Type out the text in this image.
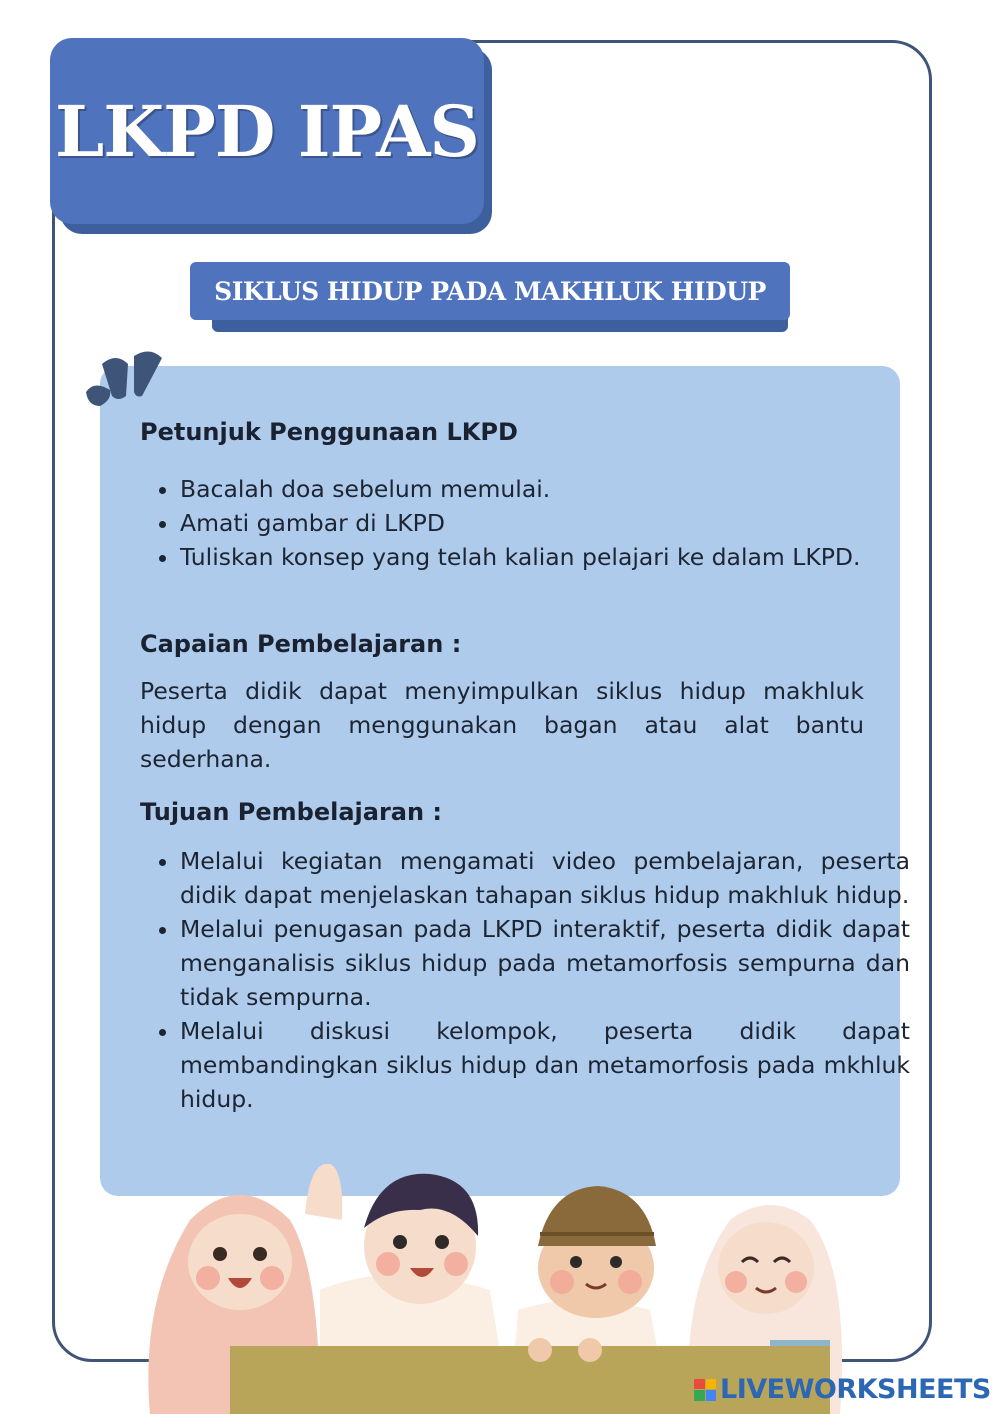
LKPD IPAS
SIKLUS HIDUP PADA MAKHLUK HIDUP
Petunjuk Penggunaan LKPD
• Bacalah doa sebelum memulai.
• Amati gambar di LKPD
• Tuliskan konsep yang telah kalian pelajari ke dalam LKPD.
Capaian Pembelajaran :

Peserta didik dapat menyimpulkan siklus hidup makhluk hidup dengan menggunakan bagan atau alat bantu sederhana.

Tujuan Pembelajaran :
• Melalui kegiatan mengamati video pembelajaran, peserta didik dapat menjelaskan tahapan siklus hidup makhluk hidup.
• Melalui penugasan pada LKPD interaktif, peserta didik dapat menganalisis siklus hidup pada metamorfosis sempurna dan tidak sempurna.
• Melalui diskusi kelompok, peserta didik dapat membandingkan siklus hidup dan metamorfosis pada mkhluk hidup.
LIVEWORKSHEETS
